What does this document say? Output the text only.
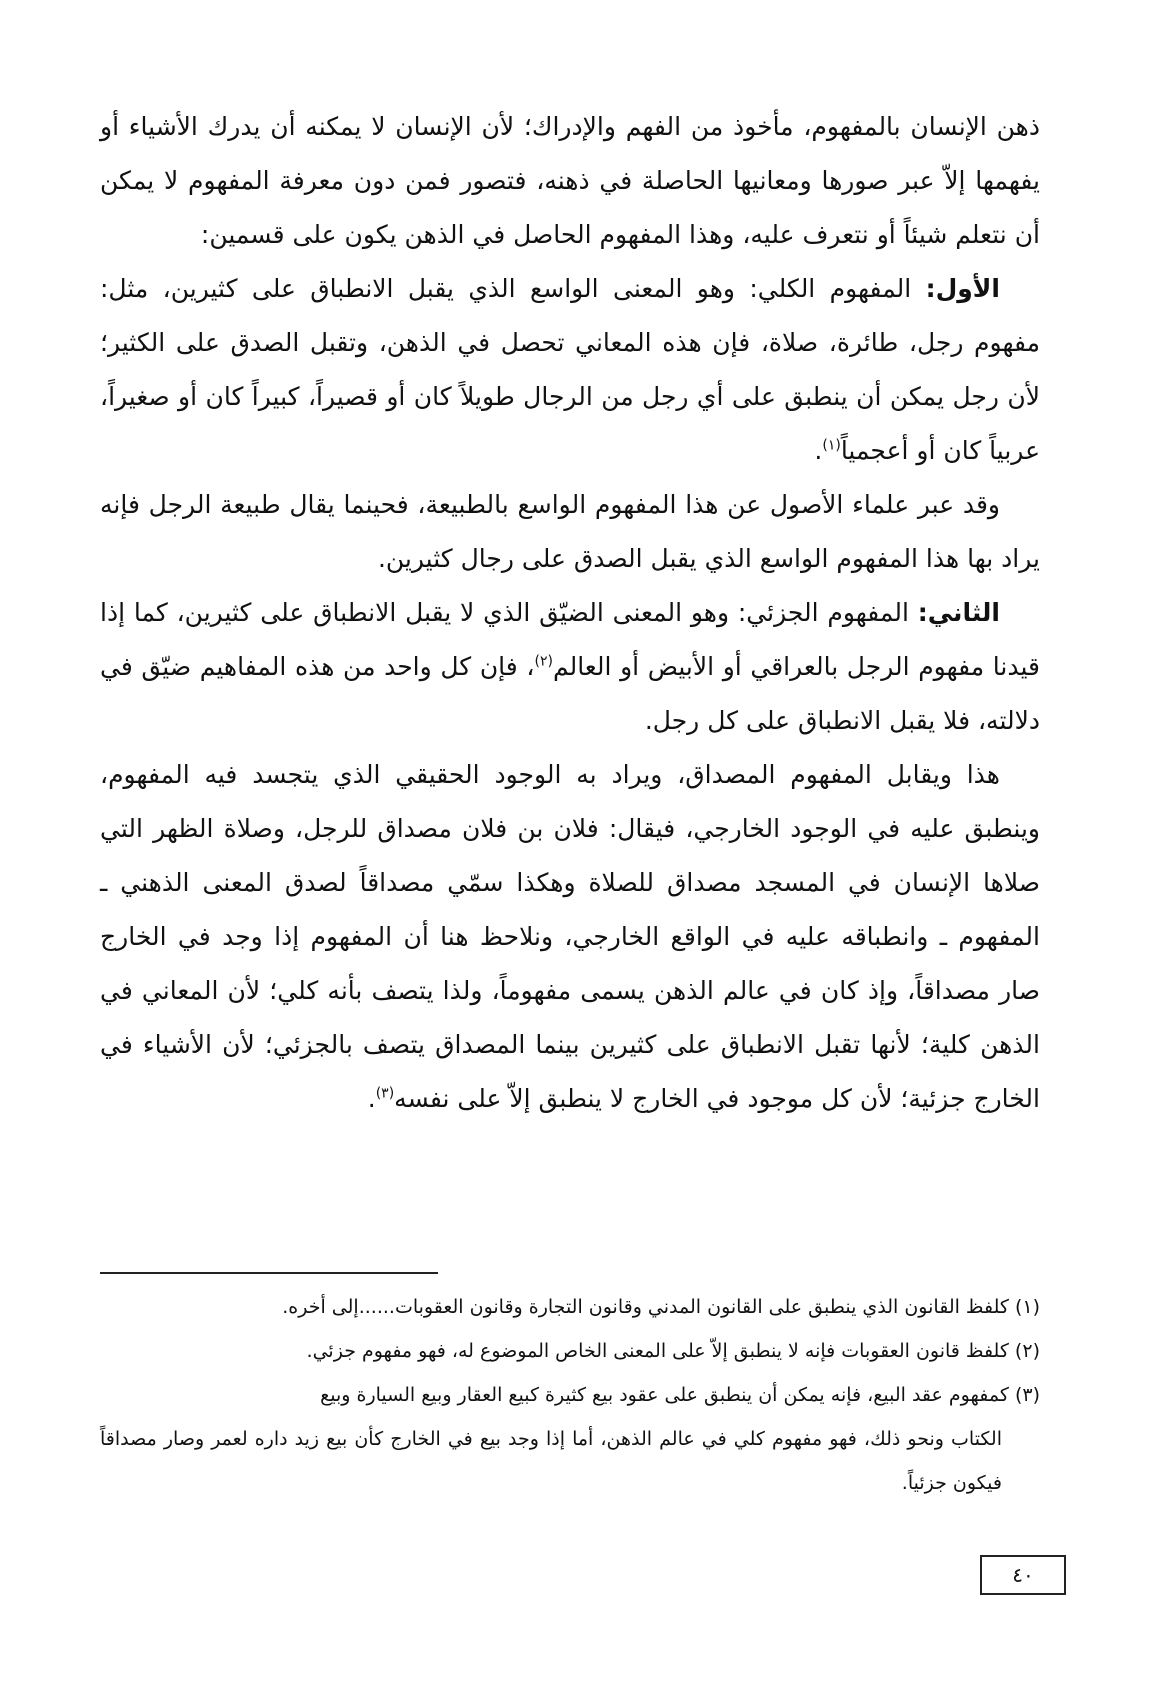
ذهن الإنسان بالمفهوم، مأخوذ من الفهم والإدراك؛ لأن الإنسان لا يمكنه أن يدرك الأشياء أو يفهمها إلاّ عبر صورها ومعانيها الحاصلة في ذهنه، فتصور فمن دون معرفة المفهوم لا يمكن أن نتعلم شيئاً أو نتعرف عليه، وهذا المفهوم الحاصل في الذهن يكون على قسمين:

الأول: المفهوم الكلي: وهو المعنى الواسع الذي يقبل الانطباق على كثيرين، مثل: مفهوم رجل، طائرة، صلاة، فإن هذه المعاني تحصل في الذهن، وتقبل الصدق على الكثير؛ لأن رجل يمكن أن ينطبق على أي رجل من الرجال طويلاً كان أو قصيراً، كبيراً كان أو صغيراً، عربياً كان أو أعجمياً$^{(١)}$.

وقد عبر علماء الأصول عن هذا المفهوم الواسع بالطبيعة، فحينما يقال طبيعة الرجل فإنه يراد بها هذا المفهوم الواسع الذي يقبل الصدق على رجال كثيرين.

الثاني: المفهوم الجزئي: وهو المعنى الضيّق الذي لا يقبل الانطباق على كثيرين، كما إذا قيدنا مفهوم الرجل بالعراقي أو الأبيض أو العالم$^{(٢)}$، فإن كل واحد من هذه المفاهيم ضيّق في دلالته، فلا يقبل الانطباق على كل رجل.

هذا ويقابل المفهوم المصداق، ويراد به الوجود الحقيقي الذي يتجسد فيه المفهوم، وينطبق عليه في الوجود الخارجي، فيقال: فلان بن فلان مصداق للرجل، وصلاة الظهر التي صلاها الإنسان في المسجد مصداق للصلاة وهكذا سمّي مصداقاً لصدق المعنى الذهني ـ المفهوم ـ وانطباقه عليه في الواقع الخارجي، ونلاحظ هنا أن المفهوم إذا وجد في الخارج صار مصداقاً، وإذ كان في عالم الذهن يسمى مفهوماً، ولذا يتصف بأنه كلي؛ لأن المعاني في الذهن كلية؛ لأنها تقبل الانطباق على كثيرين بينما المصداق يتصف بالجزئي؛ لأن الأشياء في الخارج جزئية؛ لأن كل موجود في الخارج لا ينطبق إلاّ على نفسه$^{(٣)}$.

(١) كلفظ القانون الذي ينطبق على القانون المدني وقانون التجارة وقانون العقوبات......إلى أخره.

(٢) كلفظ قانون العقوبات فإنه لا ينطبق إلاّ على المعنى الخاص الموضوع له، فهو مفهوم جزئي.

(٣) كمفهوم عقد البيع، فإنه يمكن أن ينطبق على عقود بيع كثيرة كبيع العقار وبيع السيارة وبيع

الكتاب ونحو ذلك، فهو مفهوم كلي في عالم الذهن، أما إذا وجد بيع في الخارج كأن بيع زيد داره لعمر وصار مصداقاً فيكون جزئياً.

٤٠
